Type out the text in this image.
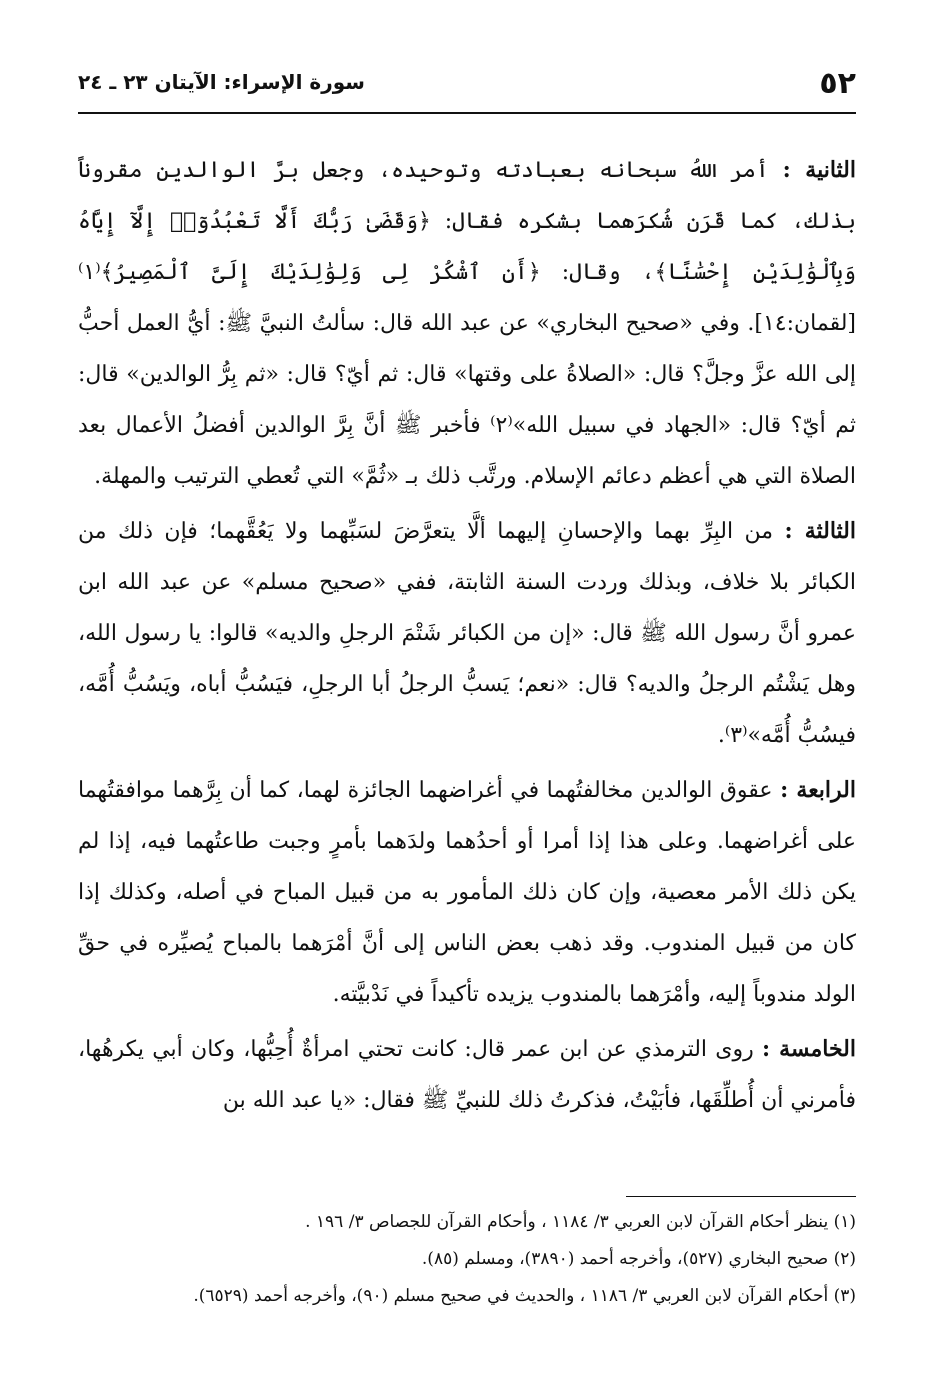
٥٢
سورة الإسراء: الآيتان ٢٣ ـ ٢٤

الثانية : أمر اللهُ سبحانه بعبادته وتوحيده، وجعل برَّ الوالدين مقروناً بذلك، كما قَرَن شُكرَهما بشكره فقال: ﴿وَقَضَىٰ رَبُّكَ أَلَّا تَعْبُدُوٓا۟ إِلَّآ إِيَّاهُ وَبِٱلْوَٰلِدَيْنِ إِحْسَٰنًا﴾، وقال: ﴿أَنِ ٱشْكُرْ لِى وَلِوَٰلِدَيْكَ إِلَىَّ ٱلْمَصِيرُ﴾⁽١⁾ [لقمان:١٤]. وفي «صحيح البخاري» عن عبد الله قال: سألتُ النبيَّ ﷺ: أيُّ العمل أحبُّ إلى الله عزَّ وجلَّ؟ قال: «الصلاةُ على وقتها» قال: ثم أيّ؟ قال: «ثم بِرُّ الوالدين» قال: ثم أيّ؟ قال: «الجهاد في سبيل الله»⁽٢⁾ فأخبر ﷺ أنَّ بِرَّ الوالدين أفضلُ الأعمال بعد الصلاة التي هي أعظم دعائم الإسلام. ورتَّب ذلك بـ «ثُمَّ» التي تُعطي الترتيب والمهلة.

الثالثة : من البِرِّ بهما والإحسانِ إليهما ألَّا يتعرَّضَ لسَبِّهما ولا يَعُقَّهما؛ فإن ذلك من الكبائر بلا خلاف، وبذلك وردت السنة الثابتة، ففي «صحيح مسلم» عن عبد الله ابن عمرو أنَّ رسول الله ﷺ قال: «إن من الكبائر شَتْمَ الرجلِ والديه» قالوا: يا رسول الله، وهل يَشْتُم الرجلُ والديه؟ قال: «نعم؛ يَسبُّ الرجلُ أبا الرجلِ، فيَسُبُّ أباه، ويَسُبُّ أُمَّه، فيسُبُّ أُمَّه»⁽٣⁾.

الرابعة : عقوق الوالدين مخالفتُهما في أغراضهما الجائزة لهما، كما أن بِرَّهما موافقتُهما على أغراضهما. وعلى هذا إذا أمرا أو أحدُهما ولدَهما بأمرٍ وجبت طاعتُهما فيه، إذا لم يكن ذلك الأمر معصية، وإن كان ذلك المأمور به من قبيل المباح في أصله، وكذلك إذا كان من قبيل المندوب. وقد ذهب بعض الناس إلى أنَّ أمْرَهما بالمباح يُصيِّره في حقِّ الولد مندوباً إليه، وأمْرَهما بالمندوب يزيده تأكيداً في نَدْبيَّته.

الخامسة : روى الترمذي عن ابن عمر قال: كانت تحتي امرأةٌ أُحِبُّها، وكان أبي يكرهُها، فأمرني أن أُطلِّقَها، فأبَيْتُ، فذكرتُ ذلك للنبيِّ ﷺ فقال: «يا عبد الله بن

(١) ينظر أحكام القرآن لابن العربي ٣/ ١١٨٤ ، وأحكام القرآن للجصاص ٣/ ١٩٦ .

(٢) صحيح البخاري (٥٢٧)، وأخرجه أحمد (٣٨٩٠)، ومسلم (٨٥).

(٣) أحكام القرآن لابن العربي ٣/ ١١٨٦ ، والحديث في صحيح مسلم (٩٠)، وأخرجه أحمد (٦٥٢٩).
